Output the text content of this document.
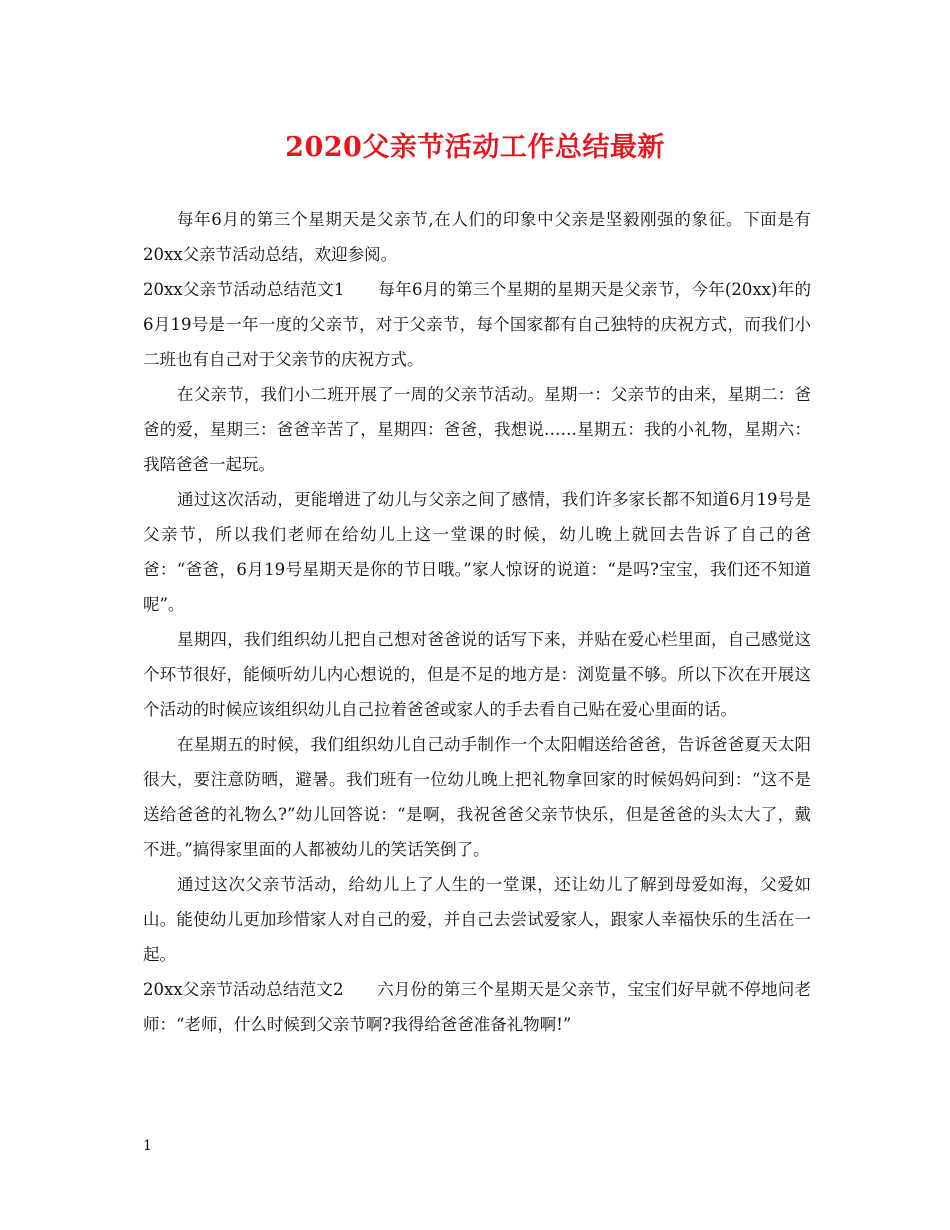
2020父亲节活动工作总结最新

每年6月的第三个星期天是父亲节,在人们的印象中父亲是坚毅刚强的象征。下面是有20xx父亲节活动总结，欢迎参阅。

20xx父亲节活动总结范文1　　每年6月的第三个星期的星期天是父亲节，今年(20xx)年的6月19号是一年一度的父亲节，对于父亲节，每个国家都有自己独特的庆祝方式，而我们小二班也有自己对于父亲节的庆祝方式。

在父亲节，我们小二班开展了一周的父亲节活动。星期一：父亲节的由来，星期二：爸爸的爱，星期三：爸爸辛苦了，星期四：爸爸，我想说……星期五：我的小礼物，星期六：我陪爸爸一起玩。

通过这次活动，更能增进了幼儿与父亲之间了感情，我们许多家长都不知道6月19号是父亲节，所以我们老师在给幼儿上这一堂课的时候，幼儿晚上就回去告诉了自己的爸爸：“爸爸，6月19号星期天是你的节日哦。”家人惊讶的说道：“是吗?宝宝，我们还不知道呢”。

星期四，我们组织幼儿把自己想对爸爸说的话写下来，并贴在爱心栏里面，自己感觉这个环节很好，能倾听幼儿内心想说的，但是不足的地方是：浏览量不够。所以下次在开展这个活动的时候应该组织幼儿自己拉着爸爸或家人的手去看自己贴在爱心里面的话。

在星期五的时候，我们组织幼儿自己动手制作一个太阳帽送给爸爸，告诉爸爸夏天太阳很大，要注意防晒，避暑。我们班有一位幼儿晚上把礼物拿回家的时候妈妈问到：“这不是送给爸爸的礼物么?”幼儿回答说：“是啊，我祝爸爸父亲节快乐，但是爸爸的头太大了，戴不进。”搞得家里面的人都被幼儿的笑话笑倒了。

通过这次父亲节活动，给幼儿上了人生的一堂课，还让幼儿了解到母爱如海，父爱如山。能使幼儿更加珍惜家人对自己的爱，并自己去尝试爱家人，跟家人幸福快乐的生活在一起。

20xx父亲节活动总结范文2　　六月份的第三个星期天是父亲节，宝宝们好早就不停地问老师：“老师，什么时候到父亲节啊?我得给爸爸准备礼物啊!”

1
